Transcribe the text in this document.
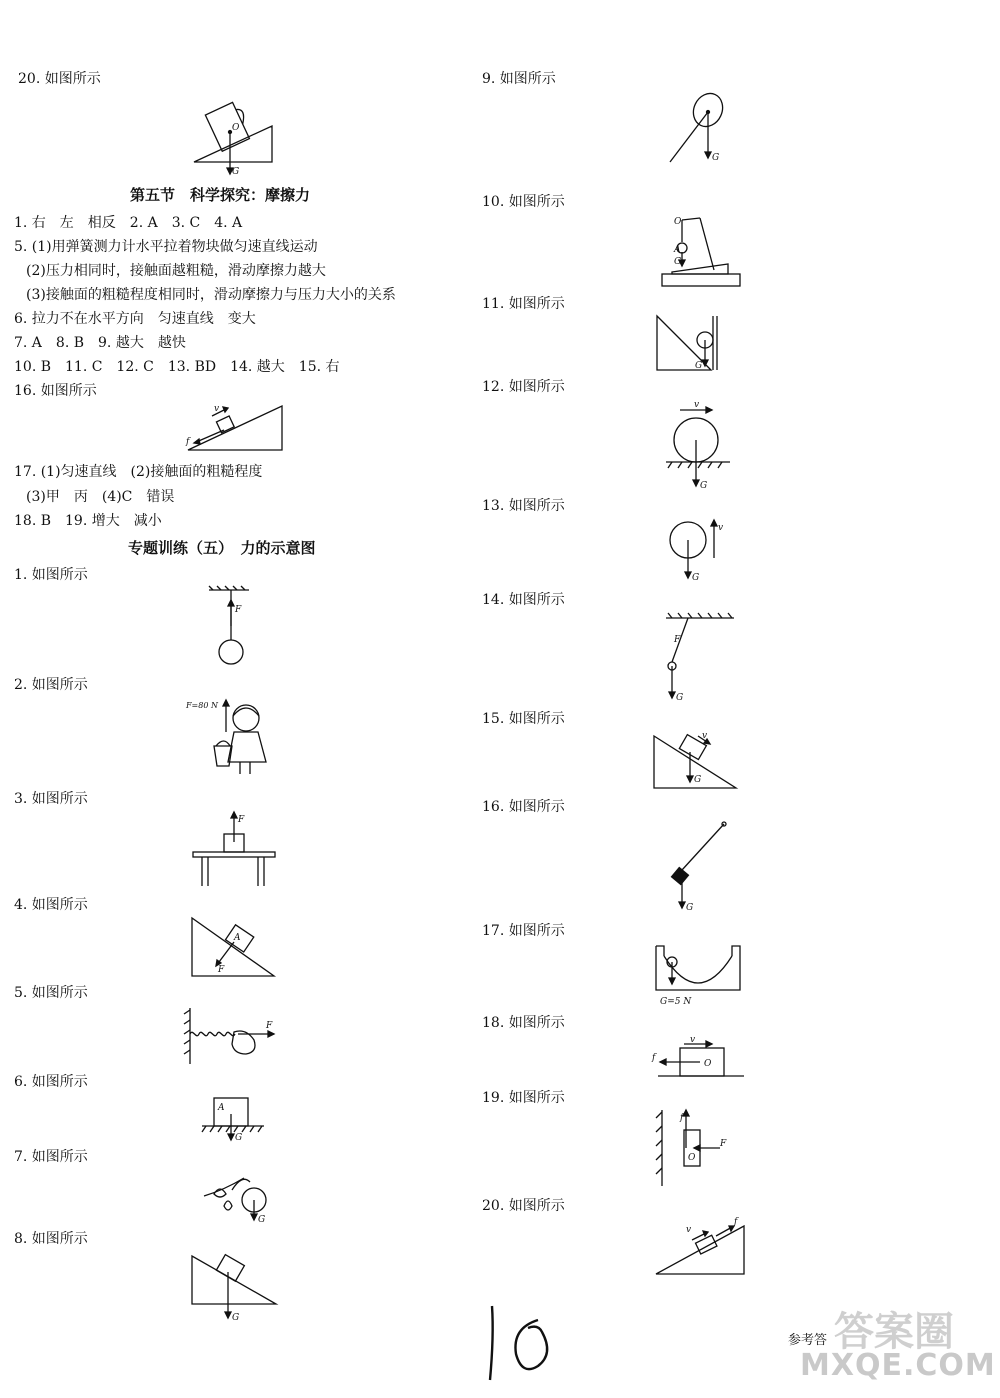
20. 如图所示
第五节　科学探究：摩擦力
1. 右　左　相反　2. A　3. C　4. A
5. (1)用弹簧测力计水平拉着物块做匀速直线运动
(2)压力相同时，接触面越粗糙，滑动摩擦力越大
(3)接触面的粗糙程度相同时，滑动摩擦力与压力大小的关系
6. 拉力不在水平方向　匀速直线　变大
7. A　8. B　9. 越大　越快
10. B　11. C　12. C　13. BD　14. 越大　15. 右
16. 如图所示
17. (1)匀速直线　(2)接触面的粗糙程度
(3)甲　丙　(4)C　错误
18. B　19. 增大　减小
专题训练（五）　力的示意图
1. 如图所示
2. 如图所示
3. 如图所示
4. 如图所示
5. 如图所示
6. 如图所示
7. 如图所示
8. 如图所示
9. 如图所示
10. 如图所示
11. 如图所示
12. 如图所示
13. 如图所示
14. 如图所示
15. 如图所示
16. 如图所示
17. 如图所示
18. 如图所示
19. 如图所示
20. 如图所示
O
G
v
f
F
F=80 N
F
A
F
F
A
G
G
G
G
O
A
G
G
v
G
v
G
F
G
v
G
G
G=5 N
v
f
O
f
F
O
v
f
参考答 答案圈
MXQE.COM
